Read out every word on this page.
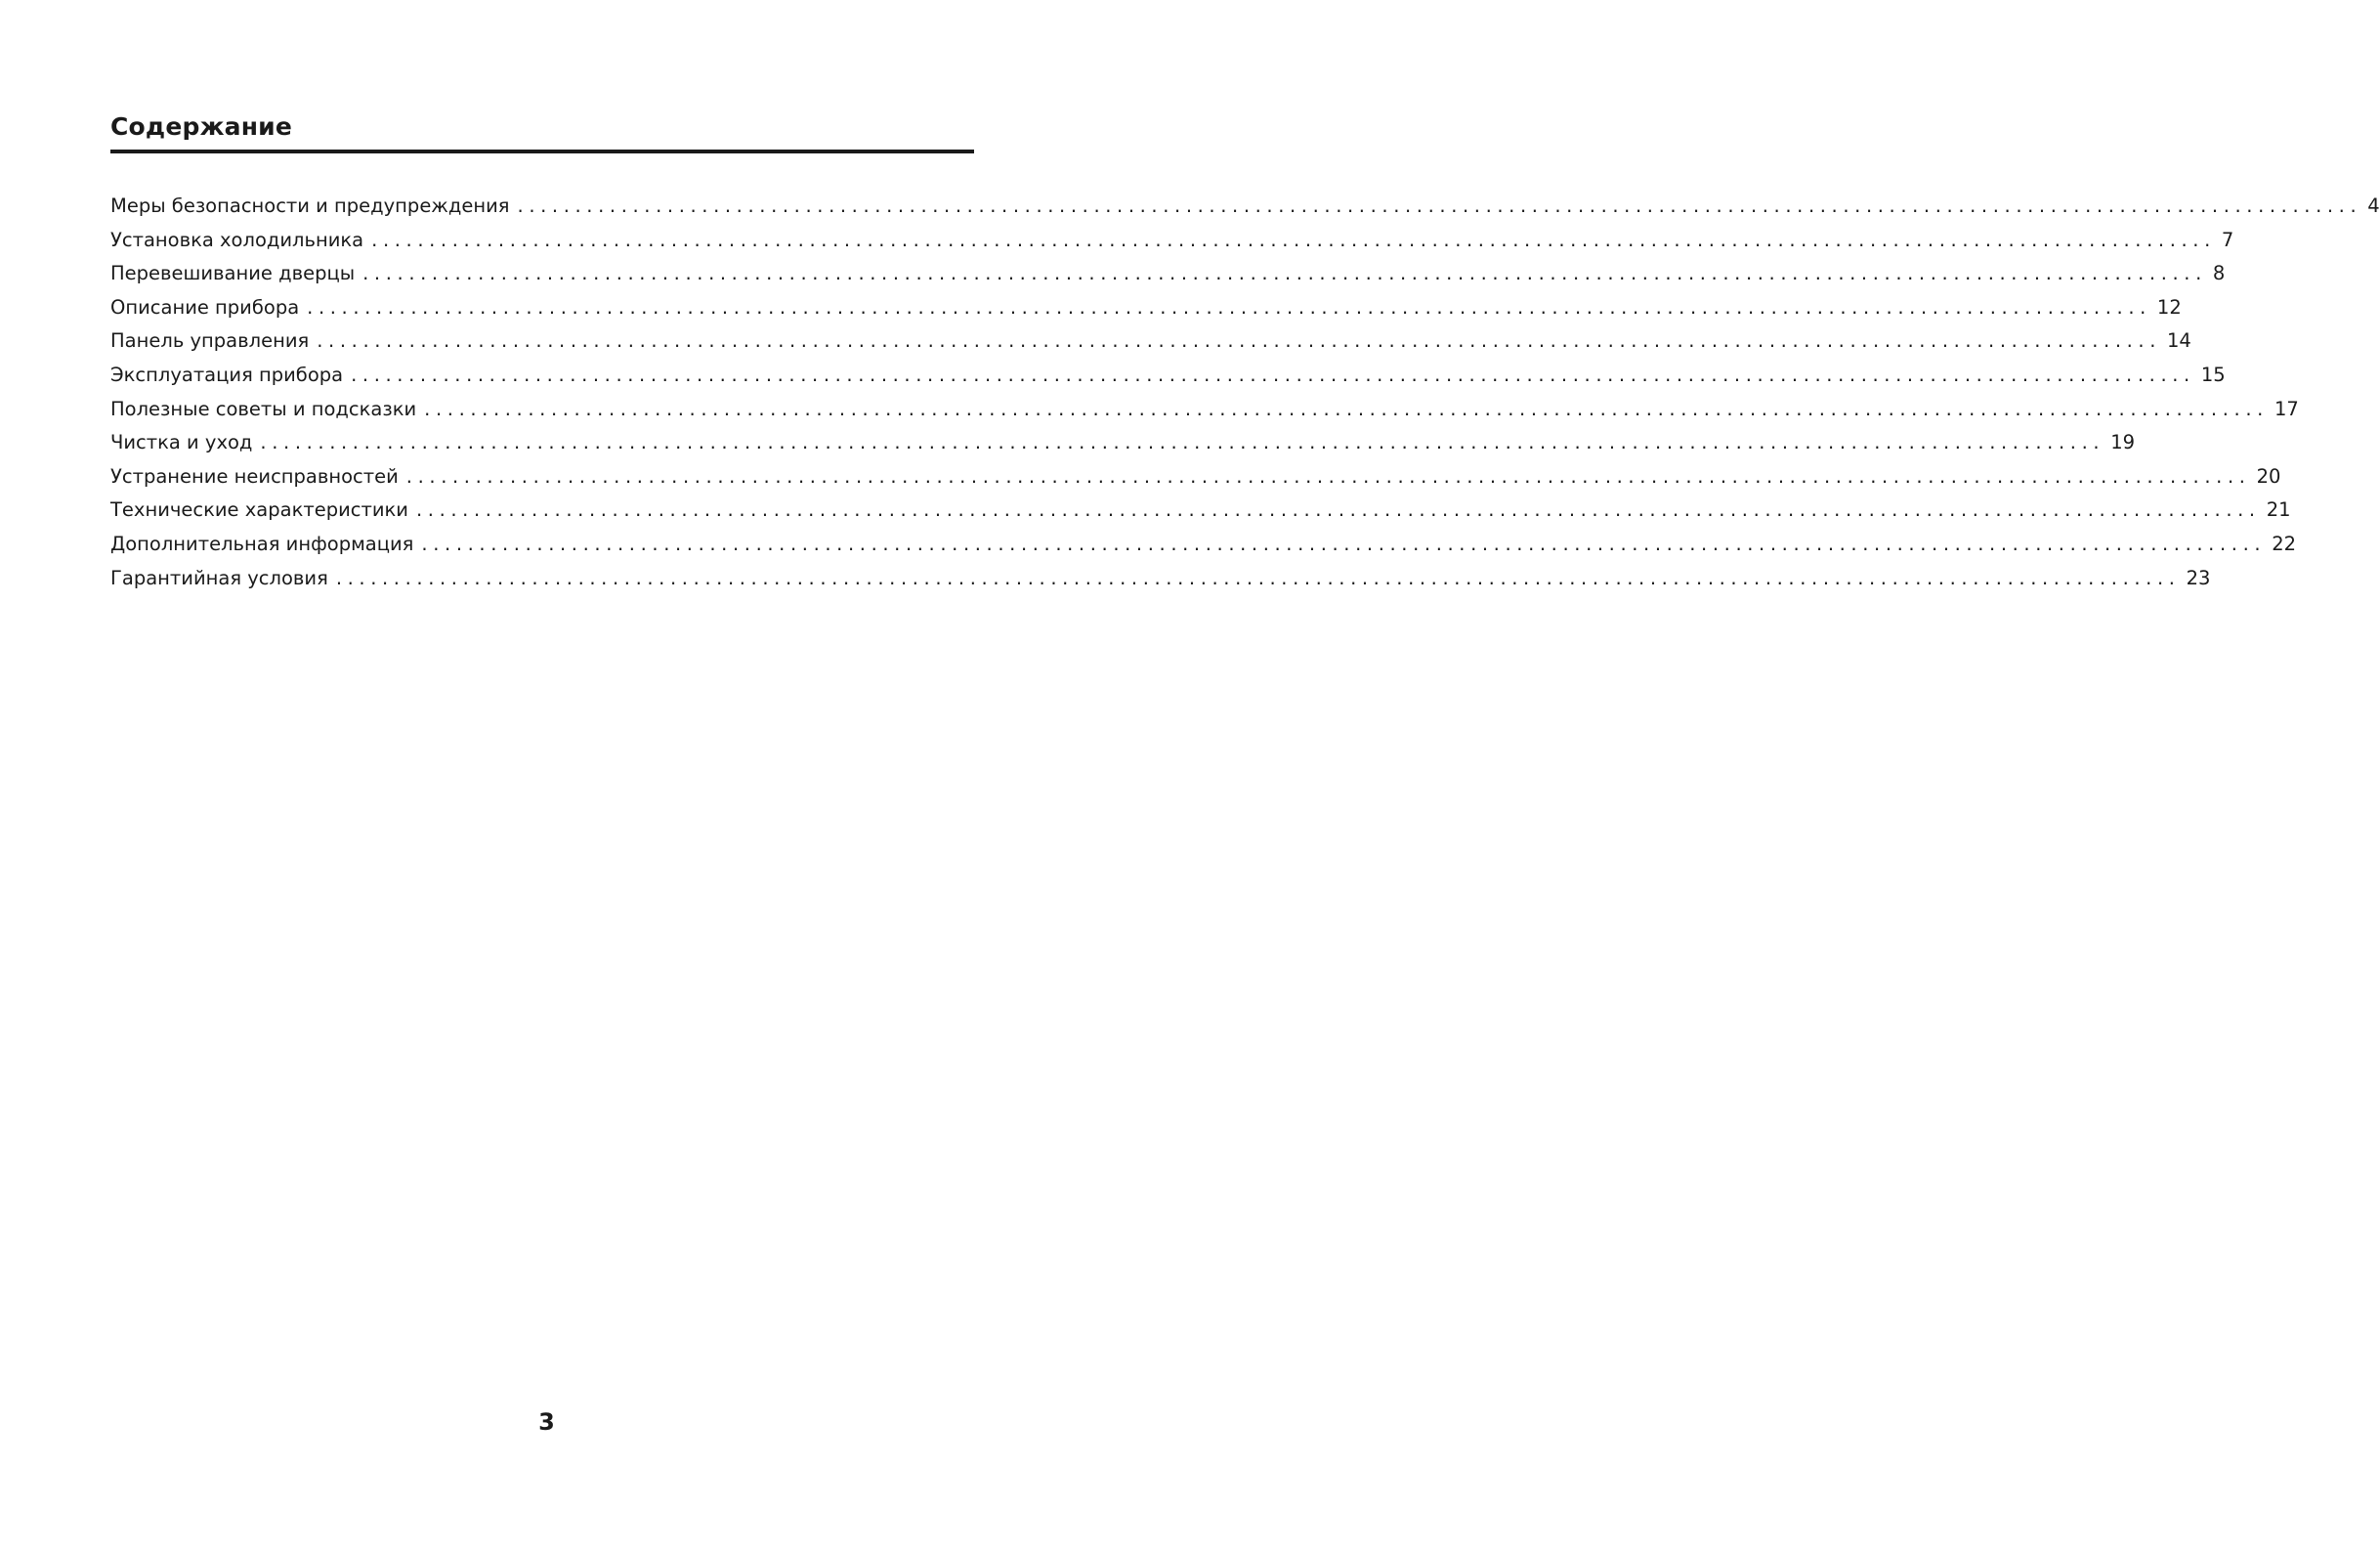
Содержание
Меры безопасности и предупреждения ................................................................................................................................................................ 4
Установка холодильника ................................................................................................................................................................ 7
Перевешивание дверцы ................................................................................................................................................................ 8
Описание прибора ................................................................................................................................................................ 12
Панель управления ................................................................................................................................................................ 14
Эксплуатация прибора ................................................................................................................................................................ 15
Полезные советы и подсказки ................................................................................................................................................................ 17
Чистка и уход ................................................................................................................................................................ 19
Устранение неисправностей ................................................................................................................................................................ 20
Технические характеристики ................................................................................................................................................................ 21
Дополнительная информация ................................................................................................................................................................ 22
Гарантийная условия ................................................................................................................................................................ 23
3
